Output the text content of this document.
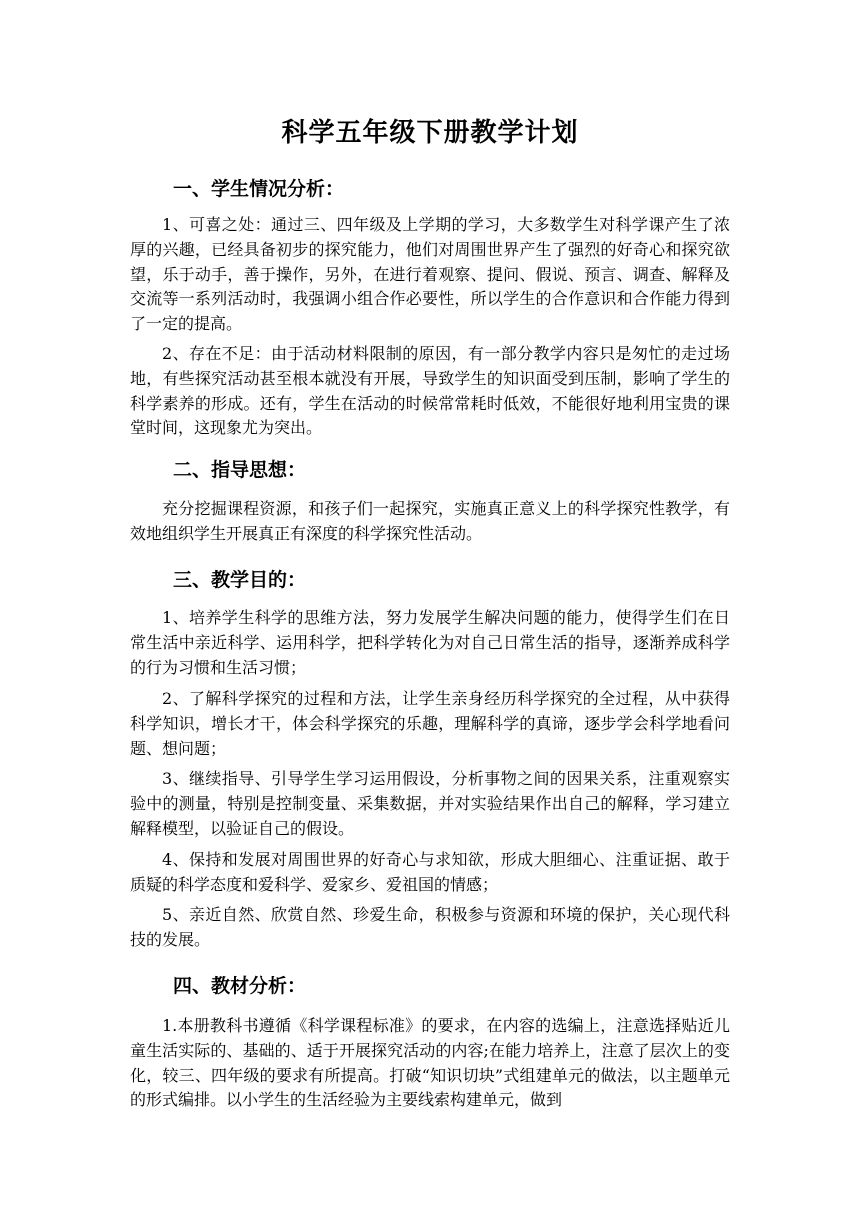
科学五年级下册教学计划
一、学生情况分析：

1、可喜之处：通过三、四年级及上学期的学习，大多数学生对科学课产生了浓厚的兴趣，已经具备初步的探究能力，他们对周围世界产生了强烈的好奇心和探究欲望，乐于动手，善于操作，另外，在进行着观察、提问、假说、预言、调查、解释及交流等一系列活动时，我强调小组合作必要性，所以学生的合作意识和合作能力得到了一定的提高。

2、存在不足：由于活动材料限制的原因，有一部分教学内容只是匆忙的走过场地，有些探究活动甚至根本就没有开展，导致学生的知识面受到压制，影响了学生的科学素养的形成。还有，学生在活动的时候常常耗时低效，不能很好地利用宝贵的课堂时间，这现象尤为突出。

二、指导思想：

充分挖掘课程资源，和孩子们一起探究，实施真正意义上的科学探究性教学，有效地组织学生开展真正有深度的科学探究性活动。

三、教学目的：

1、培养学生科学的思维方法，努力发展学生解决问题的能力，使得学生们在日常生活中亲近科学、运用科学，把科学转化为对自己日常生活的指导，逐渐养成科学的行为习惯和生活习惯；

2、了解科学探究的过程和方法，让学生亲身经历科学探究的全过程，从中获得科学知识，增长才干，体会科学探究的乐趣，理解科学的真谛，逐步学会科学地看问题、想问题；

3、继续指导、引导学生学习运用假设，分析事物之间的因果关系，注重观察实验中的测量，特别是控制变量、采集数据，并对实验结果作出自己的解释，学习建立解释模型，以验证自己的假设。

4、保持和发展对周围世界的好奇心与求知欲，形成大胆细心、注重证据、敢于质疑的科学态度和爱科学、爱家乡、爱祖国的情感；

5、亲近自然、欣赏自然、珍爱生命，积极参与资源和环境的保护，关心现代科技的发展。

四、教材分析：

1.本册教科书遵循《科学课程标准》的要求，在内容的选编上，注意选择贴近儿童生活实际的、基础的、适于开展探究活动的内容;在能力培养上，注意了层次上的变化，较三、四年级的要求有所提高。打破“知识切块”式组建单元的做法，以主题单元的形式编排。以小学生的生活经验为主要线索构建单元，做到
